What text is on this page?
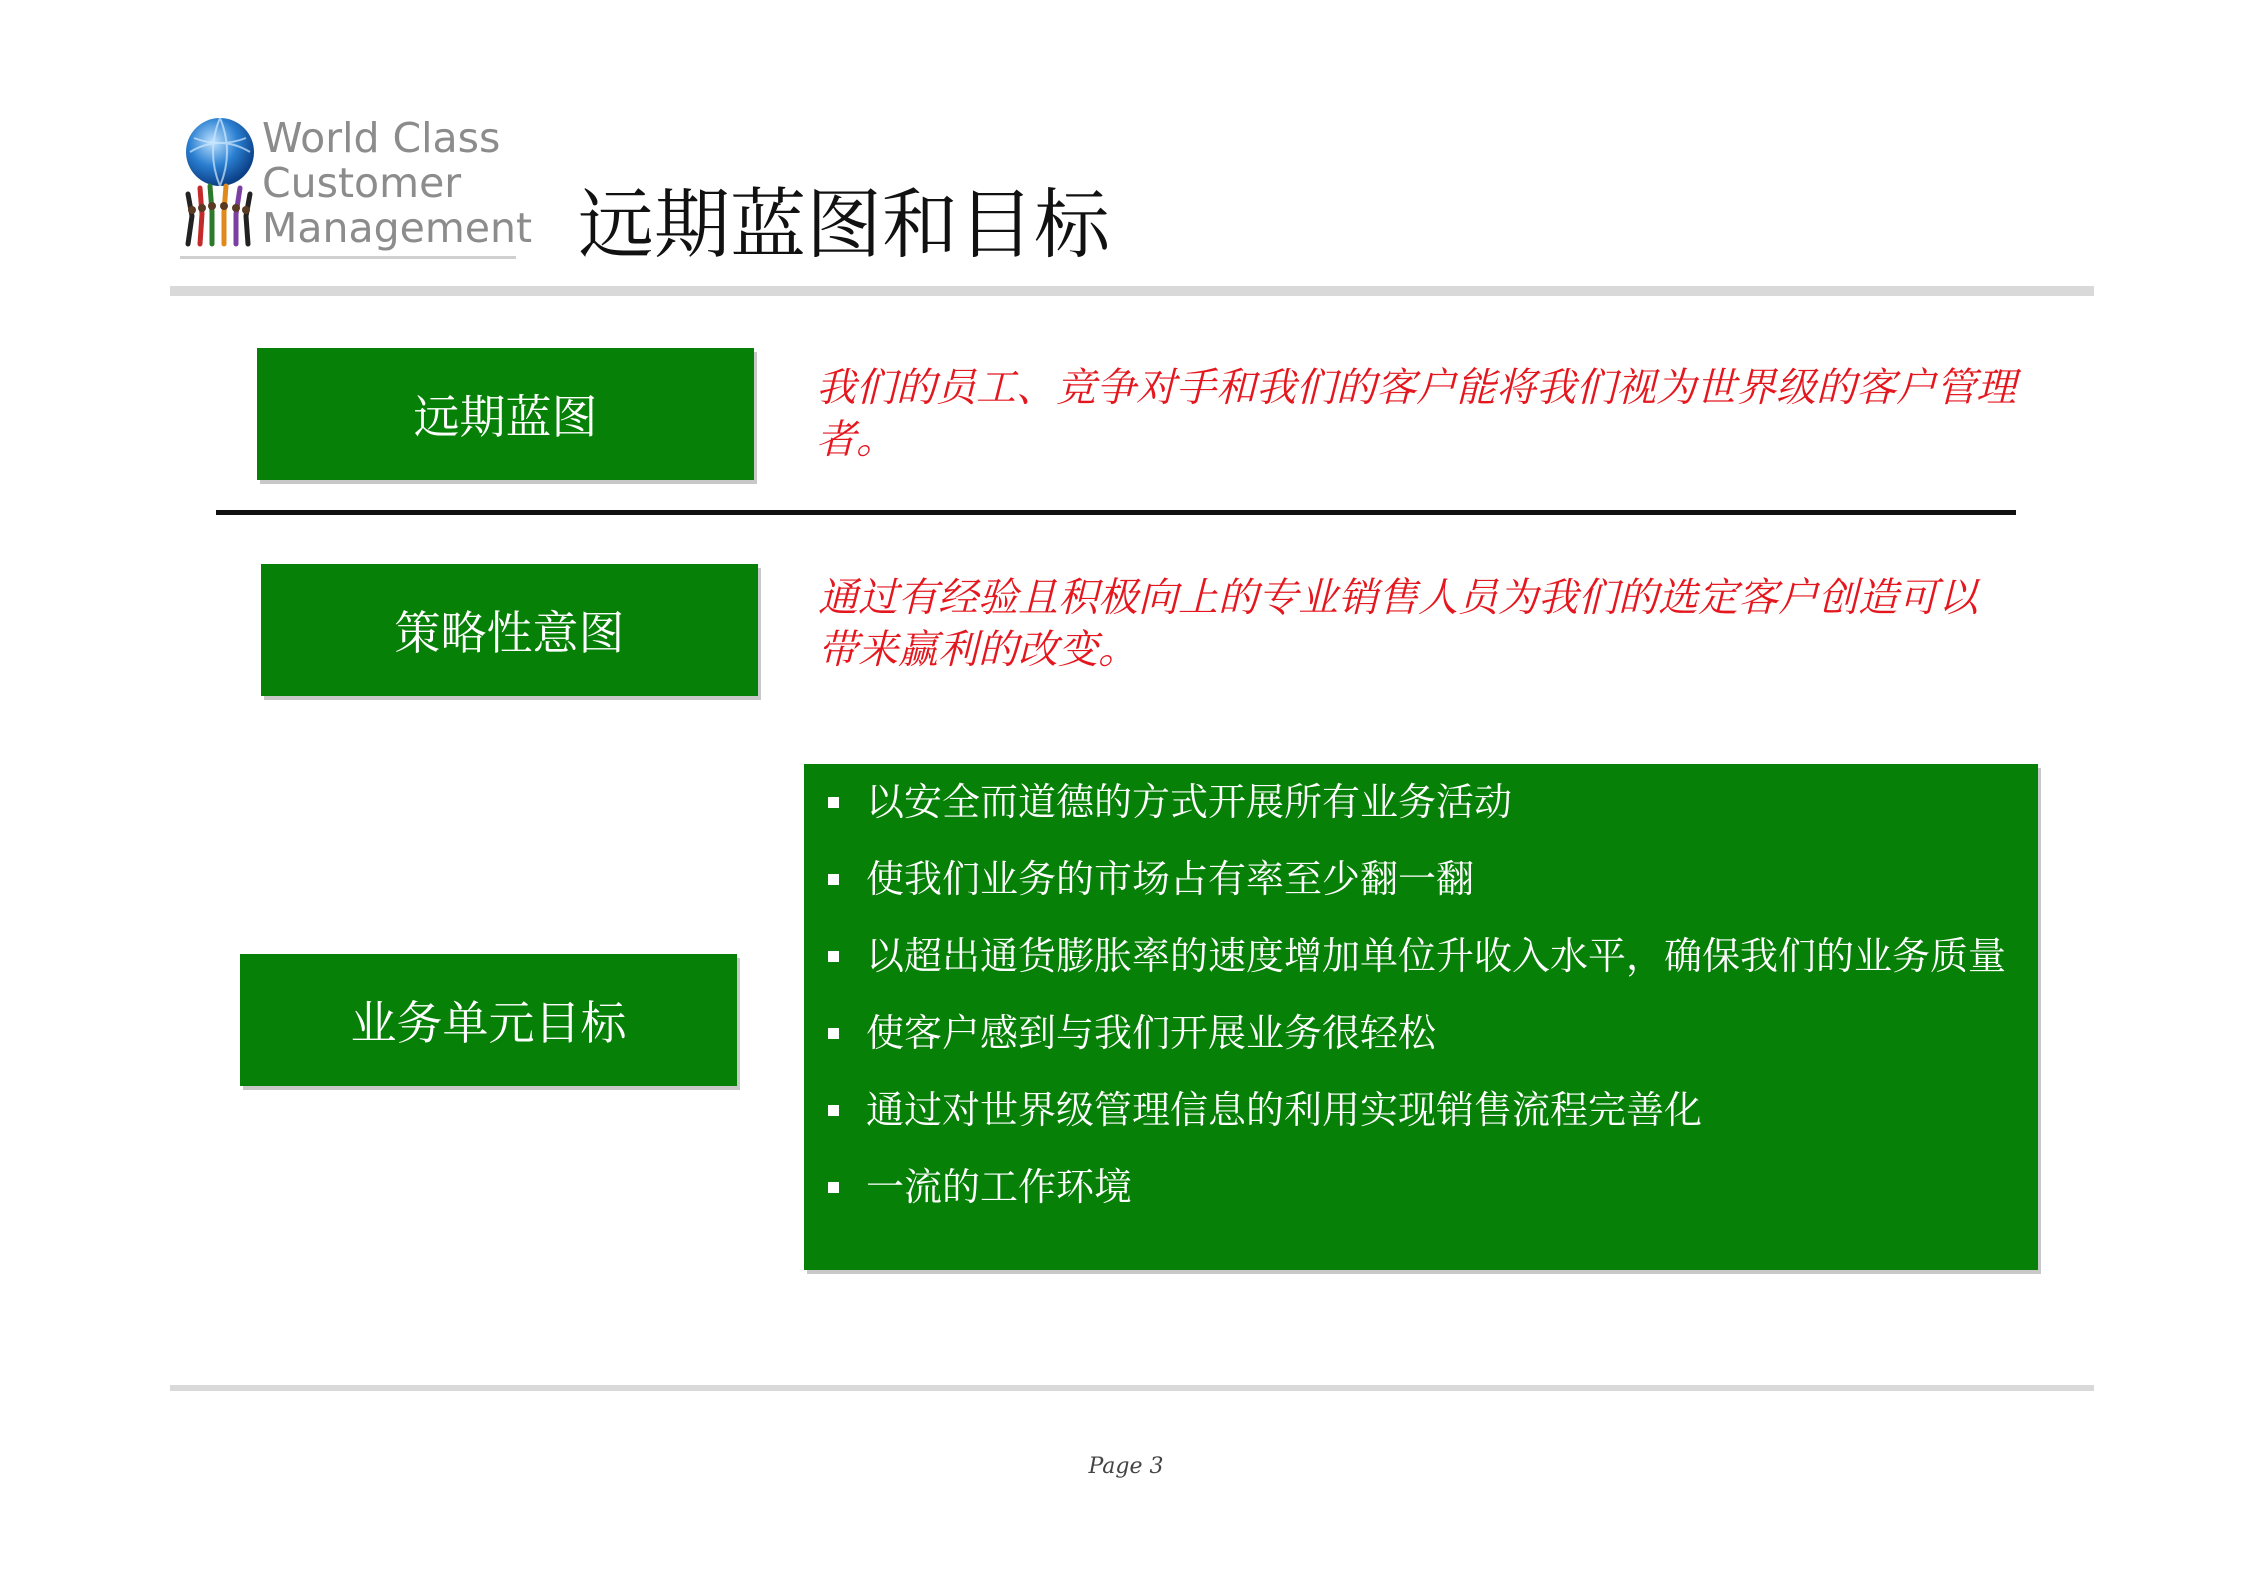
World Class
Customer
Management 远期蓝图和目标
远期蓝图
我们的员工、竞争对手和我们的客户能将我们视为世界级的客户管理者。
策略性意图
通过有经验且积极向上的专业销售人员为我们的选定客户创造可以带来赢利的改变。
业务单元目标
以安全而道德的方式开展所有业务活动
使我们业务的市场占有率至少翻一翻
以超出通货膨胀率的速度增加单位升收入水平，确保我们的业务质量
使客户感到与我们开展业务很轻松
通过对世界级管理信息的利用实现销售流程完善化
一流的工作环境
Page 3
